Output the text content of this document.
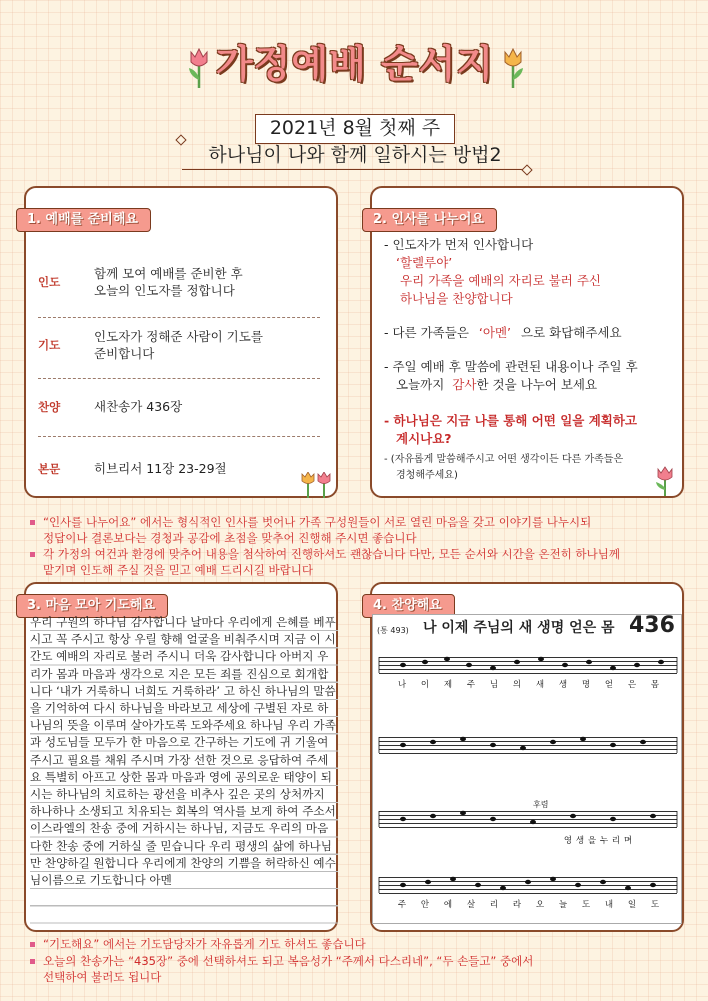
가정예배 순서지
하나님이 나와 함께 일하시는 방법2
2021년 8월 첫째 주
1. 예배를 준비해요
인도
함께 모여 예배를 준비한 후
오늘의 인도자를 정합니다
기도
인도자가 정해준 사람이 기도를
준비합니다
찬양	새찬송가 436장
본문	히브리서 11장 23-29절
2. 인사를 나누어요
- 인도자가 먼저 인사합니다
‘할렐루야’
우리 가족을 예배의 자리로 불러 주신
하나님을 찬양합니다
- 다른 가족들은 ‘아멘’ 으로 화답해주세요
- 주일 예배 후 말씀에 관련된 내용이나 주일 후
오늘까지 감사한 것을 나누어 보세요
- 하나님은 지금 나를 통해 어떤 일을 계획하고
계시나요?
- (자유롭게 말씀해주시고 어떤 생각이든 다른 가족들은
경청해주세요)
“인사를 나누어요” 에서는 형식적인 인사를 벗어나 가족 구성원들이 서로 열린 마음을 갖고 이야기를 나누시되
정답이나 결론보다는 경청과 공감에 초점을 맞추어 진행해 주시면 좋습니다
각 가정의 여건과 환경에 맞추어 내용을 첨삭하여 진행하셔도 괜찮습니다 다만, 모든 순서와 시간을 온전히 하나님께
맡기며 인도해 주실 것을 믿고 예배 드리시길 바랍니다
3. 마음 모아 기도해요
우리 구원의 하나님 감사합니다 날마다 우리에게 은혜를 베푸시고 꼭 주시고 항상 우릴 향해 얼굴을 비춰주시며 지금 이 시간도 예배의 자리로 불러 주시니 더욱 감사합니다 아버지 우리가 몸과 마음과 생각으로 지은 모든 죄를 진심으로 회개합니다 ‘내가 거룩하니 너희도 거룩하라’ 고 하신 하나님의 말씀을 기억하여 다시 하나님을 바라보고 세상에 구별된 자로 하나님의 뜻을 이루며 살아가도록 도와주세요 하나님 우리 가족과 성도님들 모두가 한 마음으로 간구하는 기도에 귀 기울여 주시고 필요를 채워 주시며 가장 선한 것으로 응답하여 주세요 특별히 아프고 상한 몸과 마음과 영에 공의로운 태양이 되시는 하나님의 치료하는 광선을 비추사 깊은 곳의 상처까지 하나하나 소생되고 치유되는 회복의 역사를 보게 하여 주소서 이스라엘의 찬송 중에 거하시는 하나님, 지금도 우리의 마음 다한 찬송 중에 거하실 줄 믿습니다 우리 평생의 삶에 하나님만 찬양하길 원합니다 우리에게 찬양의 기쁨을 허락하신 예수님이름으로 기도합니다 아멘
4. 찬양해요
(통 493) 나 이제 주님의 새 생명 얻은 몸 436
후렴
나 이 제 주 님 의 새 생 명 얻 은 몸
영 생 을 누 리 며
주 안 에 살 리 라 오 늘 도 내 일 도
“기도해요” 에서는 기도담당자가 자유롭게 기도 하셔도 좋습니다
오늘의 찬송가는 “435장” 중에 선택하셔도 되고 복음성가 “주께서 다스리네”, “두 손들고” 중에서
선택하여 불러도 됩니다
